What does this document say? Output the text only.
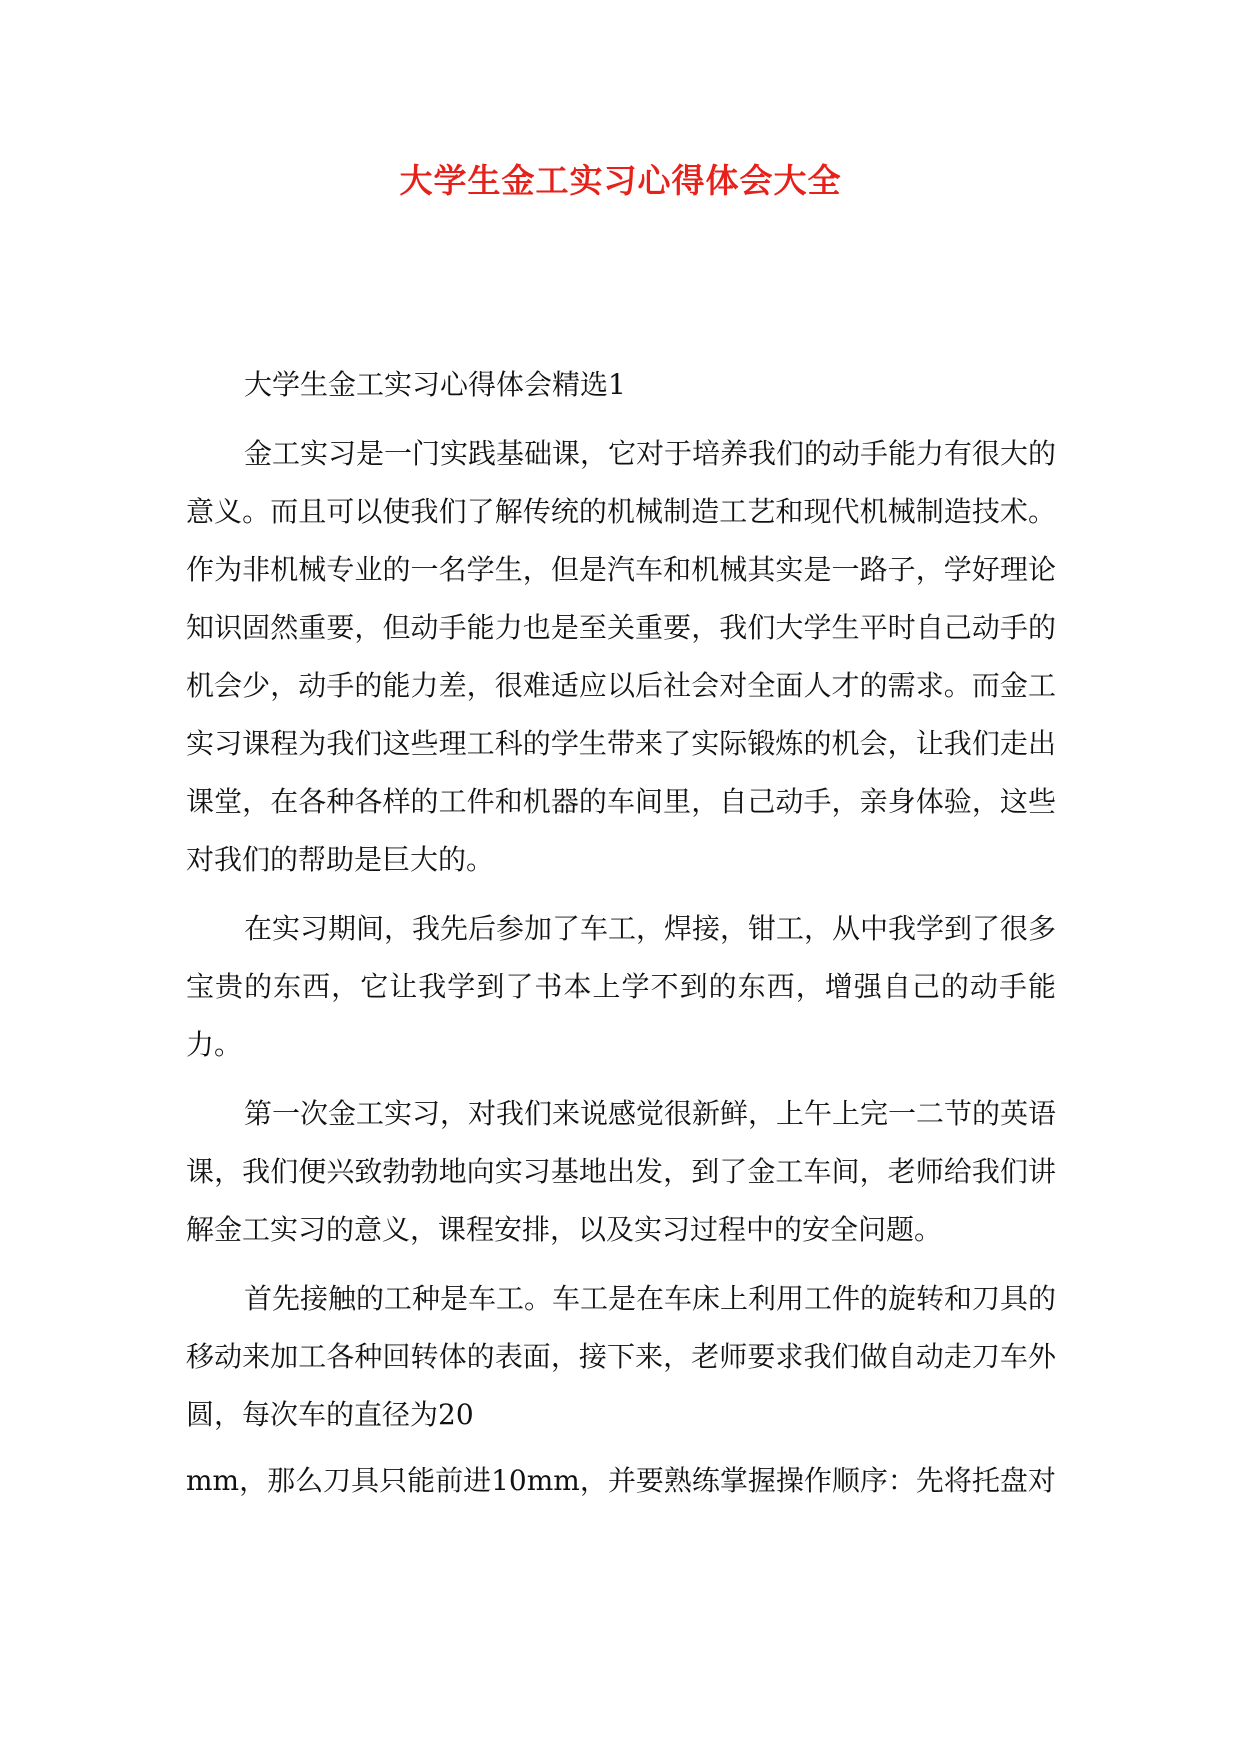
大学生金工实习心得体会大全

大学生金工实习心得体会精选1

金工实习是一门实践基础课，它对于培养我们的动手能力有很大的意义。而且可以使我们了解传统的机械制造工艺和现代机械制造技术。作为非机械专业的一名学生，但是汽车和机械其实是一路子，学好理论知识固然重要，但动手能力也是至关重要，我们大学生平时自己动手的机会少，动手的能力差，很难适应以后社会对全面人才的需求。而金工实习课程为我们这些理工科的学生带来了实际锻炼的机会，让我们走出课堂，在各种各样的工件和机器的车间里，自己动手，亲身体验，这些对我们的帮助是巨大的。

在实习期间，我先后参加了车工，焊接，钳工，从中我学到了很多宝贵的东西，它让我学到了书本上学不到的东西，增强自己的动手能力。

第一次金工实习，对我们来说感觉很新鲜，上午上完一二节的英语课，我们便兴致勃勃地向实习基地出发，到了金工车间，老师给我们讲解金工实习的意义，课程安排，以及实习过程中的安全问题。

首先接触的工种是车工。车工是在车床上利用工件的旋转和刀具的移动来加工各种回转体的表面，接下来，老师要求我们做自动走刀车外圆，每次车的直径为20

mm，那么刀具只能前进10mm，并要熟练掌握操作顺序：先将托盘对
